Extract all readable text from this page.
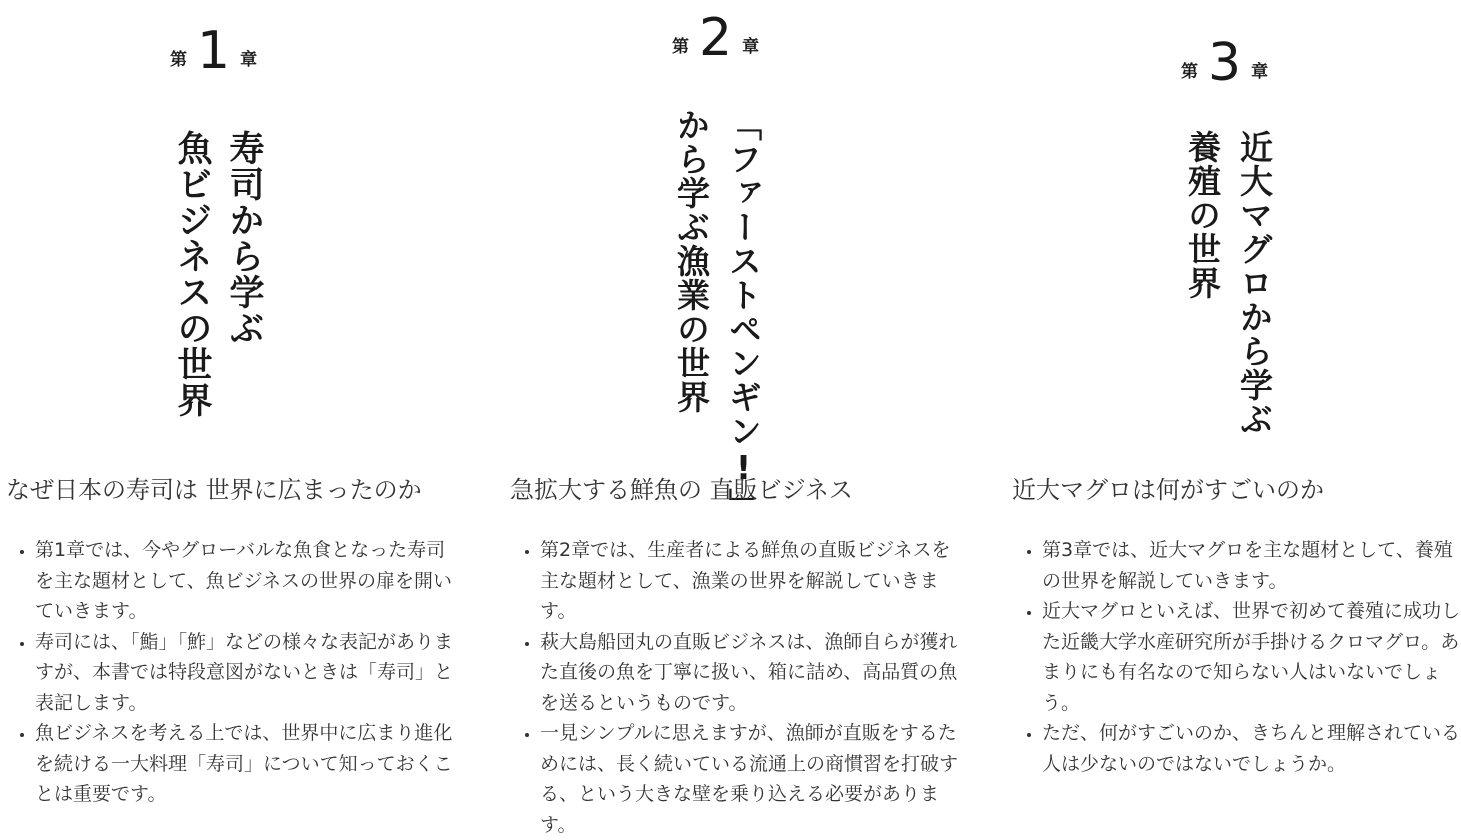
第 1 章
寿司から学ぶ
魚ビジネスの世界
なぜ日本の寿司は 世界に広まったのか
• 第1章では、今やグローバルな魚食となった寿司を主な題材として、魚ビジネスの世界の扉を開いていきます。
• 寿司には、「鮨」「鮓」などの様々な表記がありますが、本書では特段意図がないときは「寿司」と表記します。
• 魚ビジネスを考える上では、世界中に広まり進化を続ける一大料理「寿司」について知っておくことは重要です。
第 2 章
「ファーストペンギン!」
から学ぶ漁業の世界
急拡大する鮮魚の 直販ビジネス
• 第2章では、生産者による鮮魚の直販ビジネスを主な題材として、漁業の世界を解説していきます。
• 萩大島船団丸の直販ビジネスは、漁師自らが獲れた直後の魚を丁寧に扱い、箱に詰め、高品質の魚を送るというものです。
• 一見シンプルに思えますが、漁師が直販をするためには、長く続いている流通上の商慣習を打破する、という大きな壁を乗り込える必要があります。
第 3 章
近大マグロから学ぶ
養殖の世界
近大マグロは何がすごいのか
• 第3章では、近大マグロを主な題材として、養殖の世界を解説していきます。
• 近大マグロといえば、世界で初めて養殖に成功した近畿大学水産研究所が手掛けるクロマグロ。あまりにも有名なので知らない人はいないでしょう。
• ただ、何がすごいのか、きちんと理解されている人は少ないのではないでしょうか。
